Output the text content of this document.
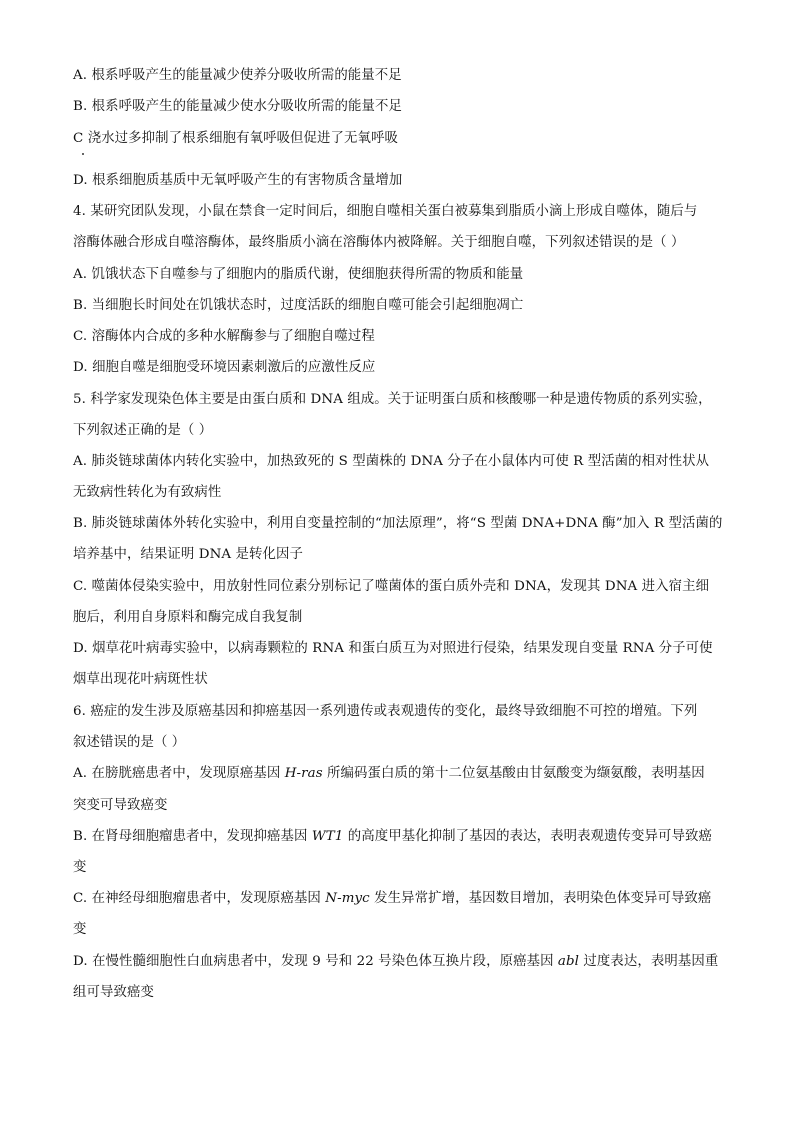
A. 根系呼吸产生的能量减少使养分吸收所需的能量不足
B. 根系呼吸产生的能量减少使水分吸收所需的能量不足
C 浇水过多抑制了根系细胞有氧呼吸但促进了无氧呼吸
D. 根系细胞质基质中无氧呼吸产生的有害物质含量增加
4. 某研究团队发现，小鼠在禁食一定时间后，细胞自噬相关蛋白被募集到脂质小滴上形成自噬体，随后与
溶酶体融合形成自噬溶酶体，最终脂质小滴在溶酶体内被降解。关于细胞自噬，下列叙述错误的是（ ）
A. 饥饿状态下自噬参与了细胞内的脂质代谢，使细胞获得所需的物质和能量
B. 当细胞长时间处在饥饿状态时，过度活跃的细胞自噬可能会引起细胞凋亡
C. 溶酶体内合成的多种水解酶参与了细胞自噬过程
D. 细胞自噬是细胞受环境因素刺激后的应激性反应
5. 科学家发现染色体主要是由蛋白质和 DNA 组成。关于证明蛋白质和核酸哪一种是遗传物质的系列实验，
下列叙述正确的是（ ）
A. 肺炎链球菌体内转化实验中，加热致死的 S 型菌株的 DNA 分子在小鼠体内可使 R 型活菌的相对性状从
无致病性转化为有致病性
B. 肺炎链球菌体外转化实验中，利用自变量控制的“加法原理”，将“S 型菌 DNA+DNA 酶”加入 R 型活菌的
培养基中，结果证明 DNA 是转化因子
C. 噬菌体侵染实验中，用放射性同位素分别标记了噬菌体的蛋白质外壳和 DNA，发现其 DNA 进入宿主细
胞后，利用自身原料和酶完成自我复制
D. 烟草花叶病毒实验中，以病毒颗粒的 RNA 和蛋白质互为对照进行侵染，结果发现自变量 RNA 分子可使
烟草出现花叶病斑性状
6. 癌症的发生涉及原癌基因和抑癌基因一系列遗传或表观遗传的变化，最终导致细胞不可控的增殖。下列
叙述错误的是（ ）
A. 在膀胱癌患者中，发现原癌基因 H-ras 所编码蛋白质的第十二位氨基酸由甘氨酸变为缬氨酸，表明基因
突变可导致癌变
B. 在肾母细胞瘤患者中，发现抑癌基因 WT1 的高度甲基化抑制了基因的表达，表明表观遗传变异可导致癌
变
C. 在神经母细胞瘤患者中，发现原癌基因 N-myc 发生异常扩增，基因数目增加，表明染色体变异可导致癌
变
D. 在慢性髓细胞性白血病患者中，发现 9 号和 22 号染色体互换片段，原癌基因 abl 过度表达，表明基因重
组可导致癌变
